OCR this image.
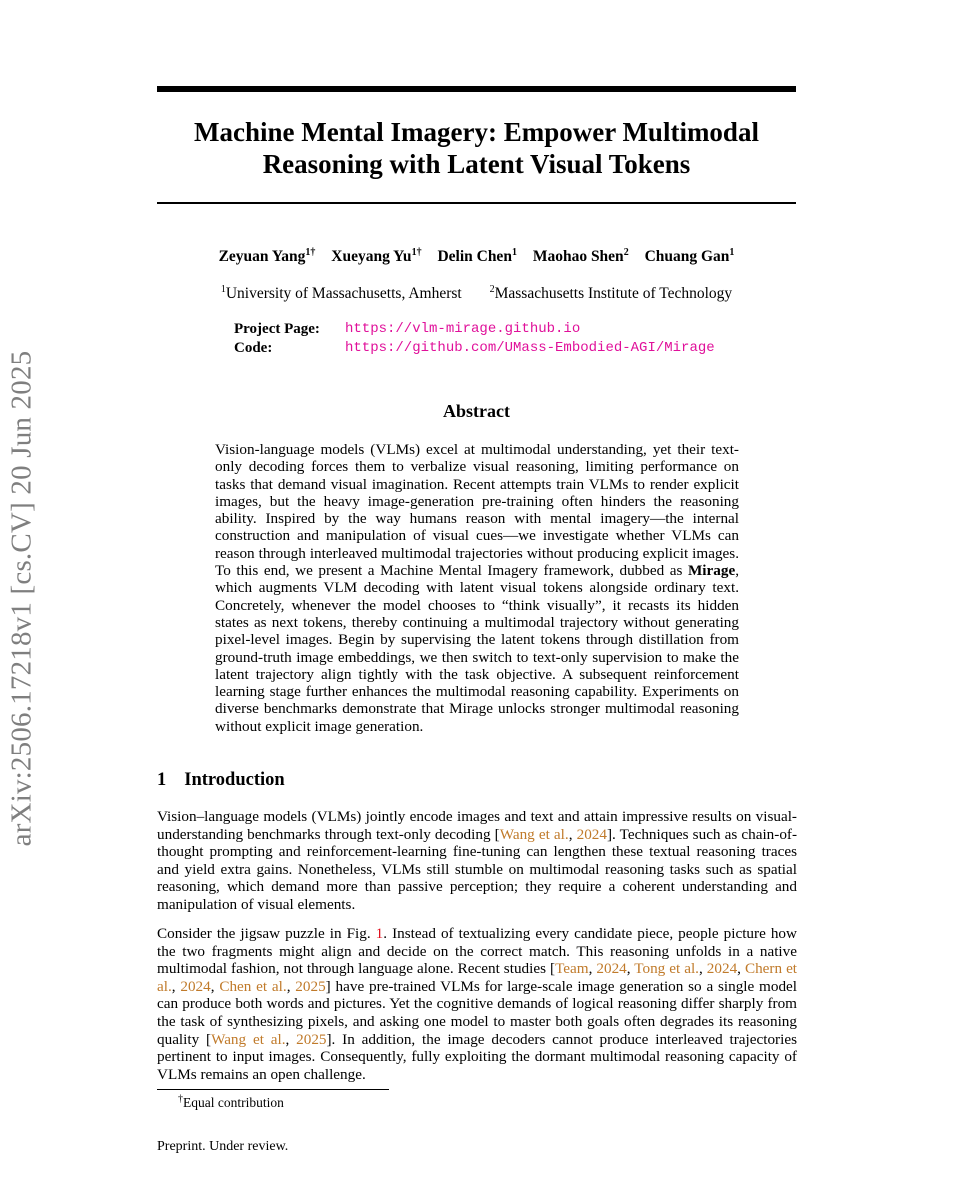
arXiv:2506.17218v1 [cs.CV] 20 Jun 2025
Machine Mental Imagery: Empower Multimodal
Reasoning with Latent Visual Tokens
Zeyuan Yang$^{1\dagger}$ Xueyang $Yu^{1\dagger}$ Delin Chen$^1$ Maohao Shen$^2$ Chuang Gan$^1$
$^1$University of Massachusetts, Amherst	$^2$Massachusetts Institute of Technology
Project Page:	https://vlm-mirage.github.io
Code:	https://github.com/UMass-Embodied-AGI/Mirage
Abstract
Vision-language models (VLMs) excel at multimodal understanding, yet their text-only decoding forces them to verbalize visual reasoning, limiting performance on tasks that demand visual imagination. Recent attempts train VLMs to render explicit images, but the heavy image-generation pre-training often hinders the reasoning ability. Inspired by the way humans reason with mental imagery—the internal construction and manipulation of visual cues—we investigate whether VLMs can reason through interleaved multimodal trajectories without producing explicit images. To this end, we present a Machine Mental Imagery framework, dubbed as Mirage, which augments VLM decoding with latent visual tokens alongside ordinary text. Concretely, whenever the model chooses to “think visually”, it recasts its hidden states as next tokens, thereby continuing a multimodal trajectory without generating pixel-level images. Begin by supervising the latent tokens through distillation from ground-truth image embeddings, we then switch to text-only supervision to make the latent trajectory align tightly with the task objective. A subsequent reinforcement learning stage further enhances the multimodal reasoning capability. Experiments on diverse benchmarks demonstrate that Mirage unlocks stronger multimodal reasoning without explicit image generation.
1 Introduction
Vision–language models (VLMs) jointly encode images and text and attain impressive results on visual-understanding benchmarks through text-only decoding [Wang et al., 2024]. Techniques such as chain-of-thought prompting and reinforcement-learning fine-tuning can lengthen these textual reasoning traces and yield extra gains. Nonetheless, VLMs still stumble on multimodal reasoning tasks such as spatial reasoning, which demand more than passive perception; they require a coherent understanding and manipulation of visual elements.
Consider the jigsaw puzzle in Fig. 1. Instead of textualizing every candidate piece, people picture how the two fragments might align and decide on the correct match. This reasoning unfolds in a native multimodal fashion, not through language alone. Recent studies [Team, 2024, Tong et al., 2024, Chern et al., 2024, Chen et al., 2025] have pre-trained VLMs for large-scale image generation so a single model can produce both words and pictures. Yet the cognitive demands of logical reasoning differ sharply from the task of synthesizing pixels, and asking one model to master both goals often degrades its reasoning quality [Wang et al., 2025]. In addition, the image decoders cannot produce interleaved trajectories pertinent to input images. Consequently, fully exploiting the dormant multimodal reasoning capacity of VLMs remains an open challenge.
†Equal contribution
Preprint. Under review.
